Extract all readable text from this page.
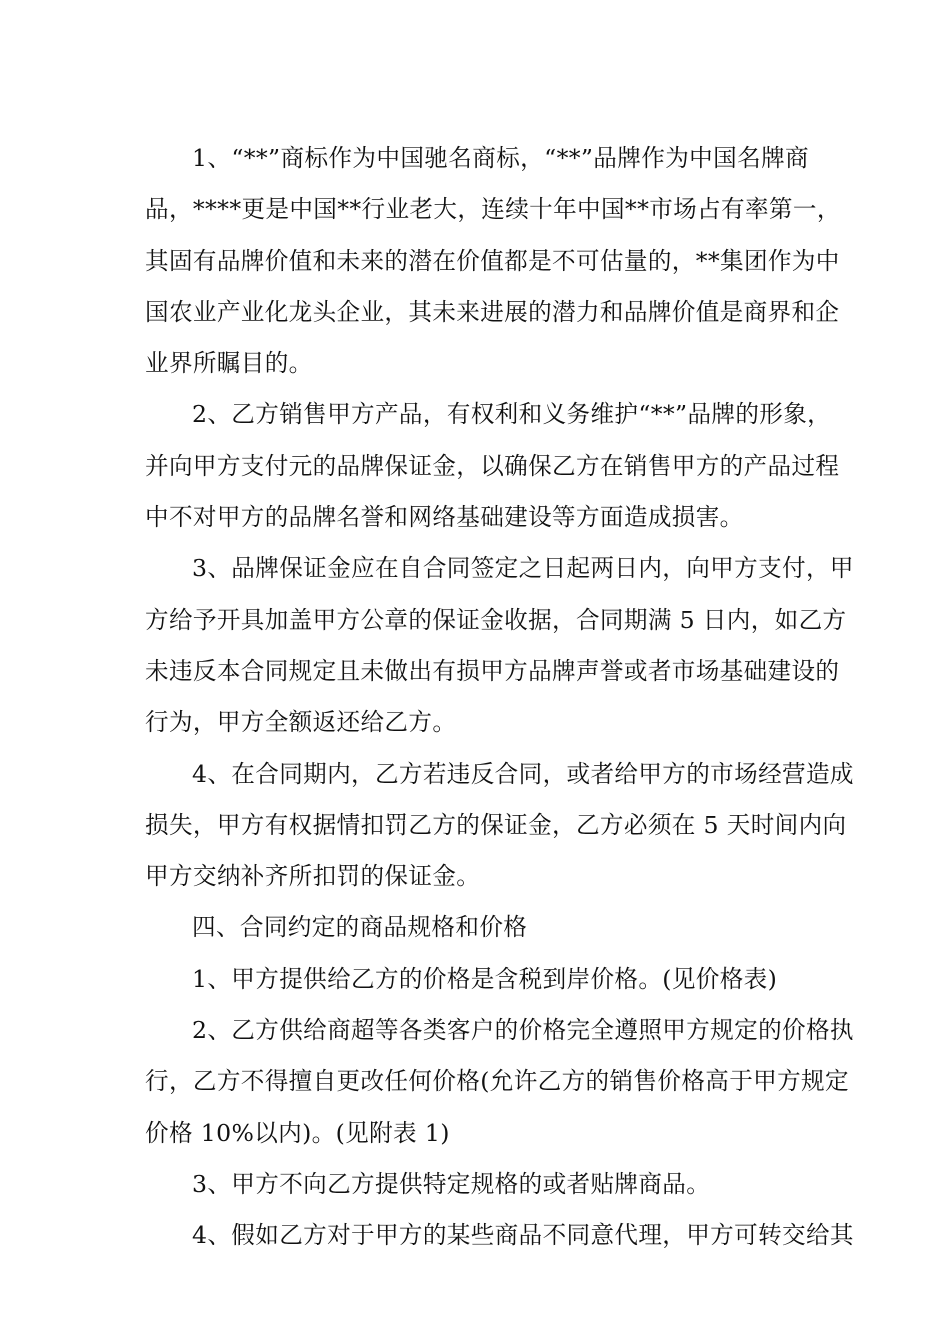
1、“**”商标作为中国驰名商标，“**”品牌作为中国名牌商
品，****更是中国**行业老大，连续十年中国**市场占有率第一，
其固有品牌价值和未来的潜在价值都是不可估量的，**集团作为中
国农业产业化龙头企业，其未来进展的潜力和品牌价值是商界和企
业界所瞩目的。
2、乙方销售甲方产品，有权利和义务维护“**”品牌的形象，
并向甲方支付元的品牌保证金，以确保乙方在销售甲方的产品过程
中不对甲方的品牌名誉和网络基础建设等方面造成损害。
3、品牌保证金应在自合同签定之日起两日内，向甲方支付，甲
方给予开具加盖甲方公章的保证金收据，合同期满 5 日内，如乙方
未违反本合同规定且未做出有损甲方品牌声誉或者市场基础建设的
行为，甲方全额返还给乙方。
4、在合同期内，乙方若违反合同，或者给甲方的市场经营造成
损失，甲方有权据情扣罚乙方的保证金，乙方必须在 5 天时间内向
甲方交纳补齐所扣罚的保证金。
四、合同约定的商品规格和价格
1、甲方提供给乙方的价格是含税到岸价格。(见价格表)
2、乙方供给商超等各类客户的价格完全遵照甲方规定的价格执
行，乙方不得擅自更改任何价格(允许乙方的销售价格高于甲方规定
价格 10%以内)。(见附表 1)
3、甲方不向乙方提供特定规格的或者贴牌商品。
4、假如乙方对于甲方的某些商品不同意代理，甲方可转交给其
